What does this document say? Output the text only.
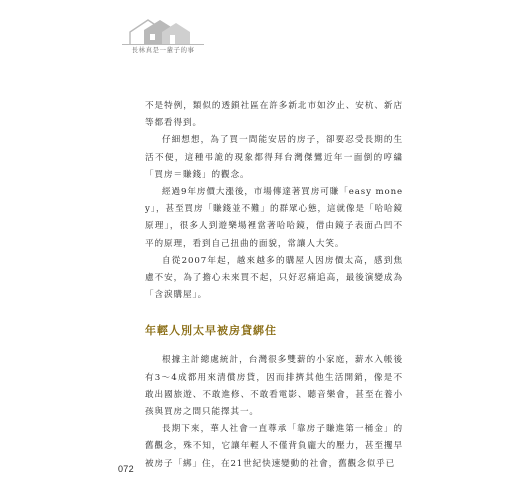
長林真是一輩子的事

不是特例，類似的透鎖社區在許多新北市如汐止、安杭、新店等都看得到。

仔細想想，為了買一間能安居的房子，卻要忍受長期的生活不便，這種弔詭的現象都得拜台灣傑鸞近年一面倒的哼繍「買房＝賺錢」的觀念。

經過9年房價大漲後，市場傳達著買房可賺「easy money」，甚至買房「賺錢並不難」的群眾心態，這就像是「哈哈鏡原理」，很多人到遊樂場裡當著哈哈鏡，借由鏡子表面凸凹不平的原理，看到自己扭曲的面貌，常讓人大笑。

自從2007年起，越來越多的購屋人因房價太高，感到焦慮不安，為了擔心未來買不起，只好忍痛追高，最後演變成為「含淚購屋」。

年輕人別太早被房貸綁住

根據主計總處統計，台灣很多雙薪的小家庭，薪水入帳後有3～4成都用來清償房貸，因而排擠其他生活開銷，像是不敢出國旅遊、不敢進修、不敢看電影、聽音樂會，甚至在養小孩與買房之間只能擇其一。

長期下來，華人社會一直尊承「靠房子賺進第一桶金」的舊觀念，殊不知，它讓年輕人不僅背負龐大的壓力，甚至攫早被房子「綁」住，在21世紀快速變動的社會，舊觀念似乎已

072
